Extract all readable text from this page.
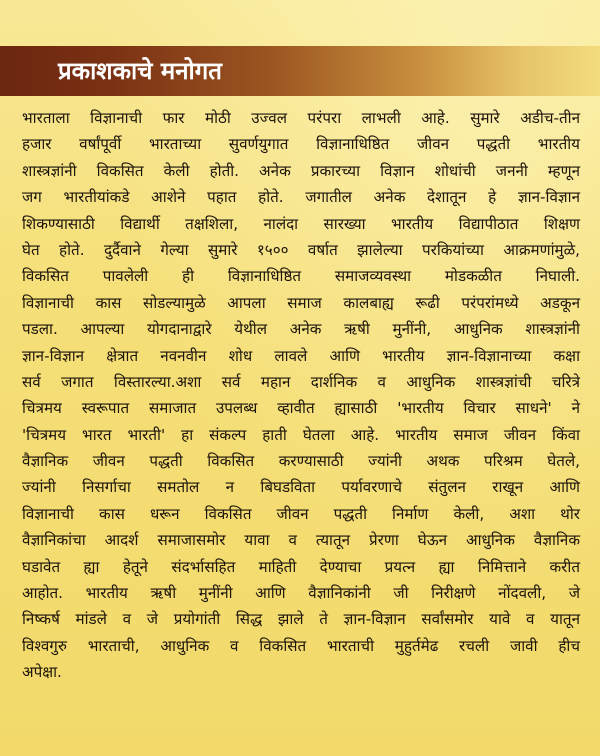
प्रकाशकाचे मनोगत
भारताला विज्ञानाची फार मोठी उज्वल परंपरा लाभली आहे. सुमारे अडीच-तीन
हजार वर्षांपूर्वी भारताच्या सुवर्णयुगात विज्ञानाधिष्ठित जीवन पद्धती भारतीय
शास्त्रज्ञांनी विकसित केली होती. अनेक प्रकारच्या विज्ञान शोधांची जननी म्हणून
जग भारतीयांकडे आशेने पहात होते. जगातील अनेक देशातून हे ज्ञान-विज्ञान
शिकण्यासाठी विद्यार्थी तक्षशिला, नालंदा सारख्या भारतीय विद्यापीठात शिक्षण
घेत होते. दुर्दैवाने गेल्या सुमारे १५०० वर्षात झालेल्या परकियांच्या आक्रमणांमुळे,
विकसित पावलेली ही विज्ञानाधिष्ठित समाजव्यवस्था मोडकळीत निघाली.
विज्ञानाची कास सोडल्यामुळे आपला समाज कालबाह्य रूढी परंपरांमध्ये अडकून
पडला. आपल्या योगदानाद्वारे येथील अनेक ऋषी मुनींनी, आधुनिक शास्त्रज्ञांनी
ज्ञान-विज्ञान क्षेत्रात नवनवीन शोध लावले आणि भारतीय ज्ञान-विज्ञानाच्या कक्षा
सर्व जगात विस्तारल्या.अशा सर्व महान दार्शनिक व आधुनिक शास्त्रज्ञांची चरित्रे
चित्रमय स्वरूपात समाजात उपलब्ध व्हावीत ह्यासाठी 'भारतीय विचार साधने' ने
'चित्रमय भारत भारती' हा संकल्प हाती घेतला आहे. भारतीय समाज जीवन किंवा
वैज्ञानिक जीवन पद्धती विकसित करण्यासाठी ज्यांनी अथक परिश्रम घेतले,
ज्यांनी निसर्गाचा समतोल न बिघडविता पर्यावरणाचे संतुलन राखून आणि
विज्ञानाची कास धरून विकसित जीवन पद्धती निर्माण केली, अशा थोर
वैज्ञानिकांचा आदर्श समाजासमोर यावा व त्यातून प्रेरणा घेऊन आधुनिक वैज्ञानिक
घडावेत ह्या हेतूने संदर्भासहित माहिती देण्याचा प्रयत्न ह्या निमित्ताने करीत
आहोत. भारतीय ऋषी मुनींनी आणि वैज्ञानिकांनी जी निरीक्षणे नोंदवली, जे
निष्कर्ष मांडले व जे प्रयोगांती सिद्ध झाले ते ज्ञान-विज्ञान सर्वांसमोर यावे व यातून
विश्वगुरु भारताची, आधुनिक व विकसित भारताची मुहुर्तमेढ रचली जावी हीच
अपेक्षा.
